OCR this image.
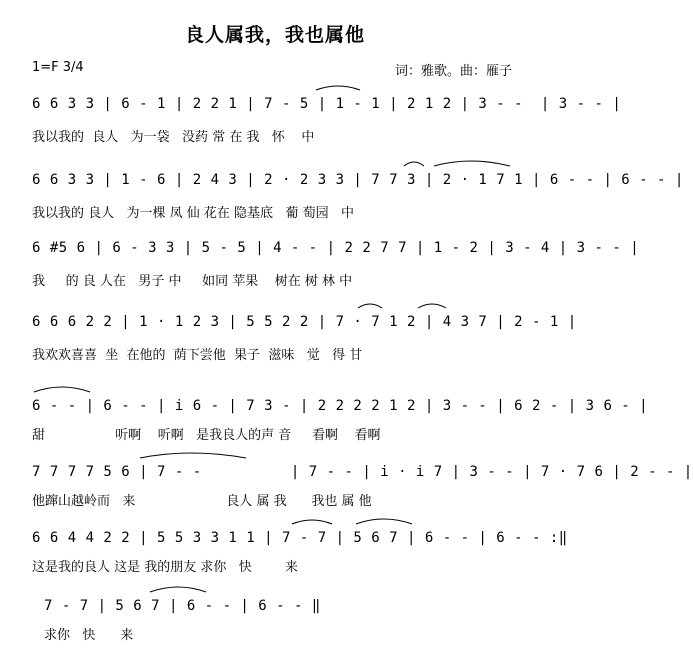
良人属我，我也属他
1=F 3/4	词：雅歌。曲：雁子
6 6 3 3 | 6 - 1 | 2 2 1 | 7 - 5 | 1 - 1 | 2 1 2 | 3 - -  | 3 - - |
我以我的  良人   为一袋   没药 常 在 我   怀    中
6 6 3 3 | 1 - 6 | 2 4 3 | 2 · 2 3 3 | 7 7 3 | 2 · 1 7 1 | 6 - - | 6 - - |
我以我的 良人   为一棵 凤 仙 花在 隐基底   葡 萄园   中
6 #5 6 | 6 - 3 3 | 5 - 5 | 4 - - | 2 2 7 7 | 1 - 2 | 3 - 4 | 3 - - |
我     的 良 人在   男子 中     如同 苹果    树在 树 林 中
6 6 6 2 2 | 1 · 1 2 3 | 5 5 2 2 | 7 · 7 1 2 | 4 3 7 | 2 - 1 |
我欢欢喜喜  坐  在他的  荫下尝他  果子  滋味   觉   得 甘
6 - - | 6 - - | i 6 - | 7 3 - | 2 2 2 2 1 2 | 3 - - | 6 2 - | 3 6 - |
甜                 听啊    听啊   是我良人的声 音     看啊    看啊
7 7 7 7 5 6 | 7 - -          | 7 - - | i · i 7 | 3 - - | 7 · 7 6 | 2 - - |
他蹿山越岭而   来                      良人 属 我      我也 属 他
6 6 4 4 2 2 | 5 5 3 3 1 1 | 7 - 7 | 5 6 7 | 6 - - | 6 - - :‖
这是我的良人 这是 我的朋友 求你   快        来
7 - 7 | 5 6 7 | 6 - - | 6 - - ‖
求你   快      来
